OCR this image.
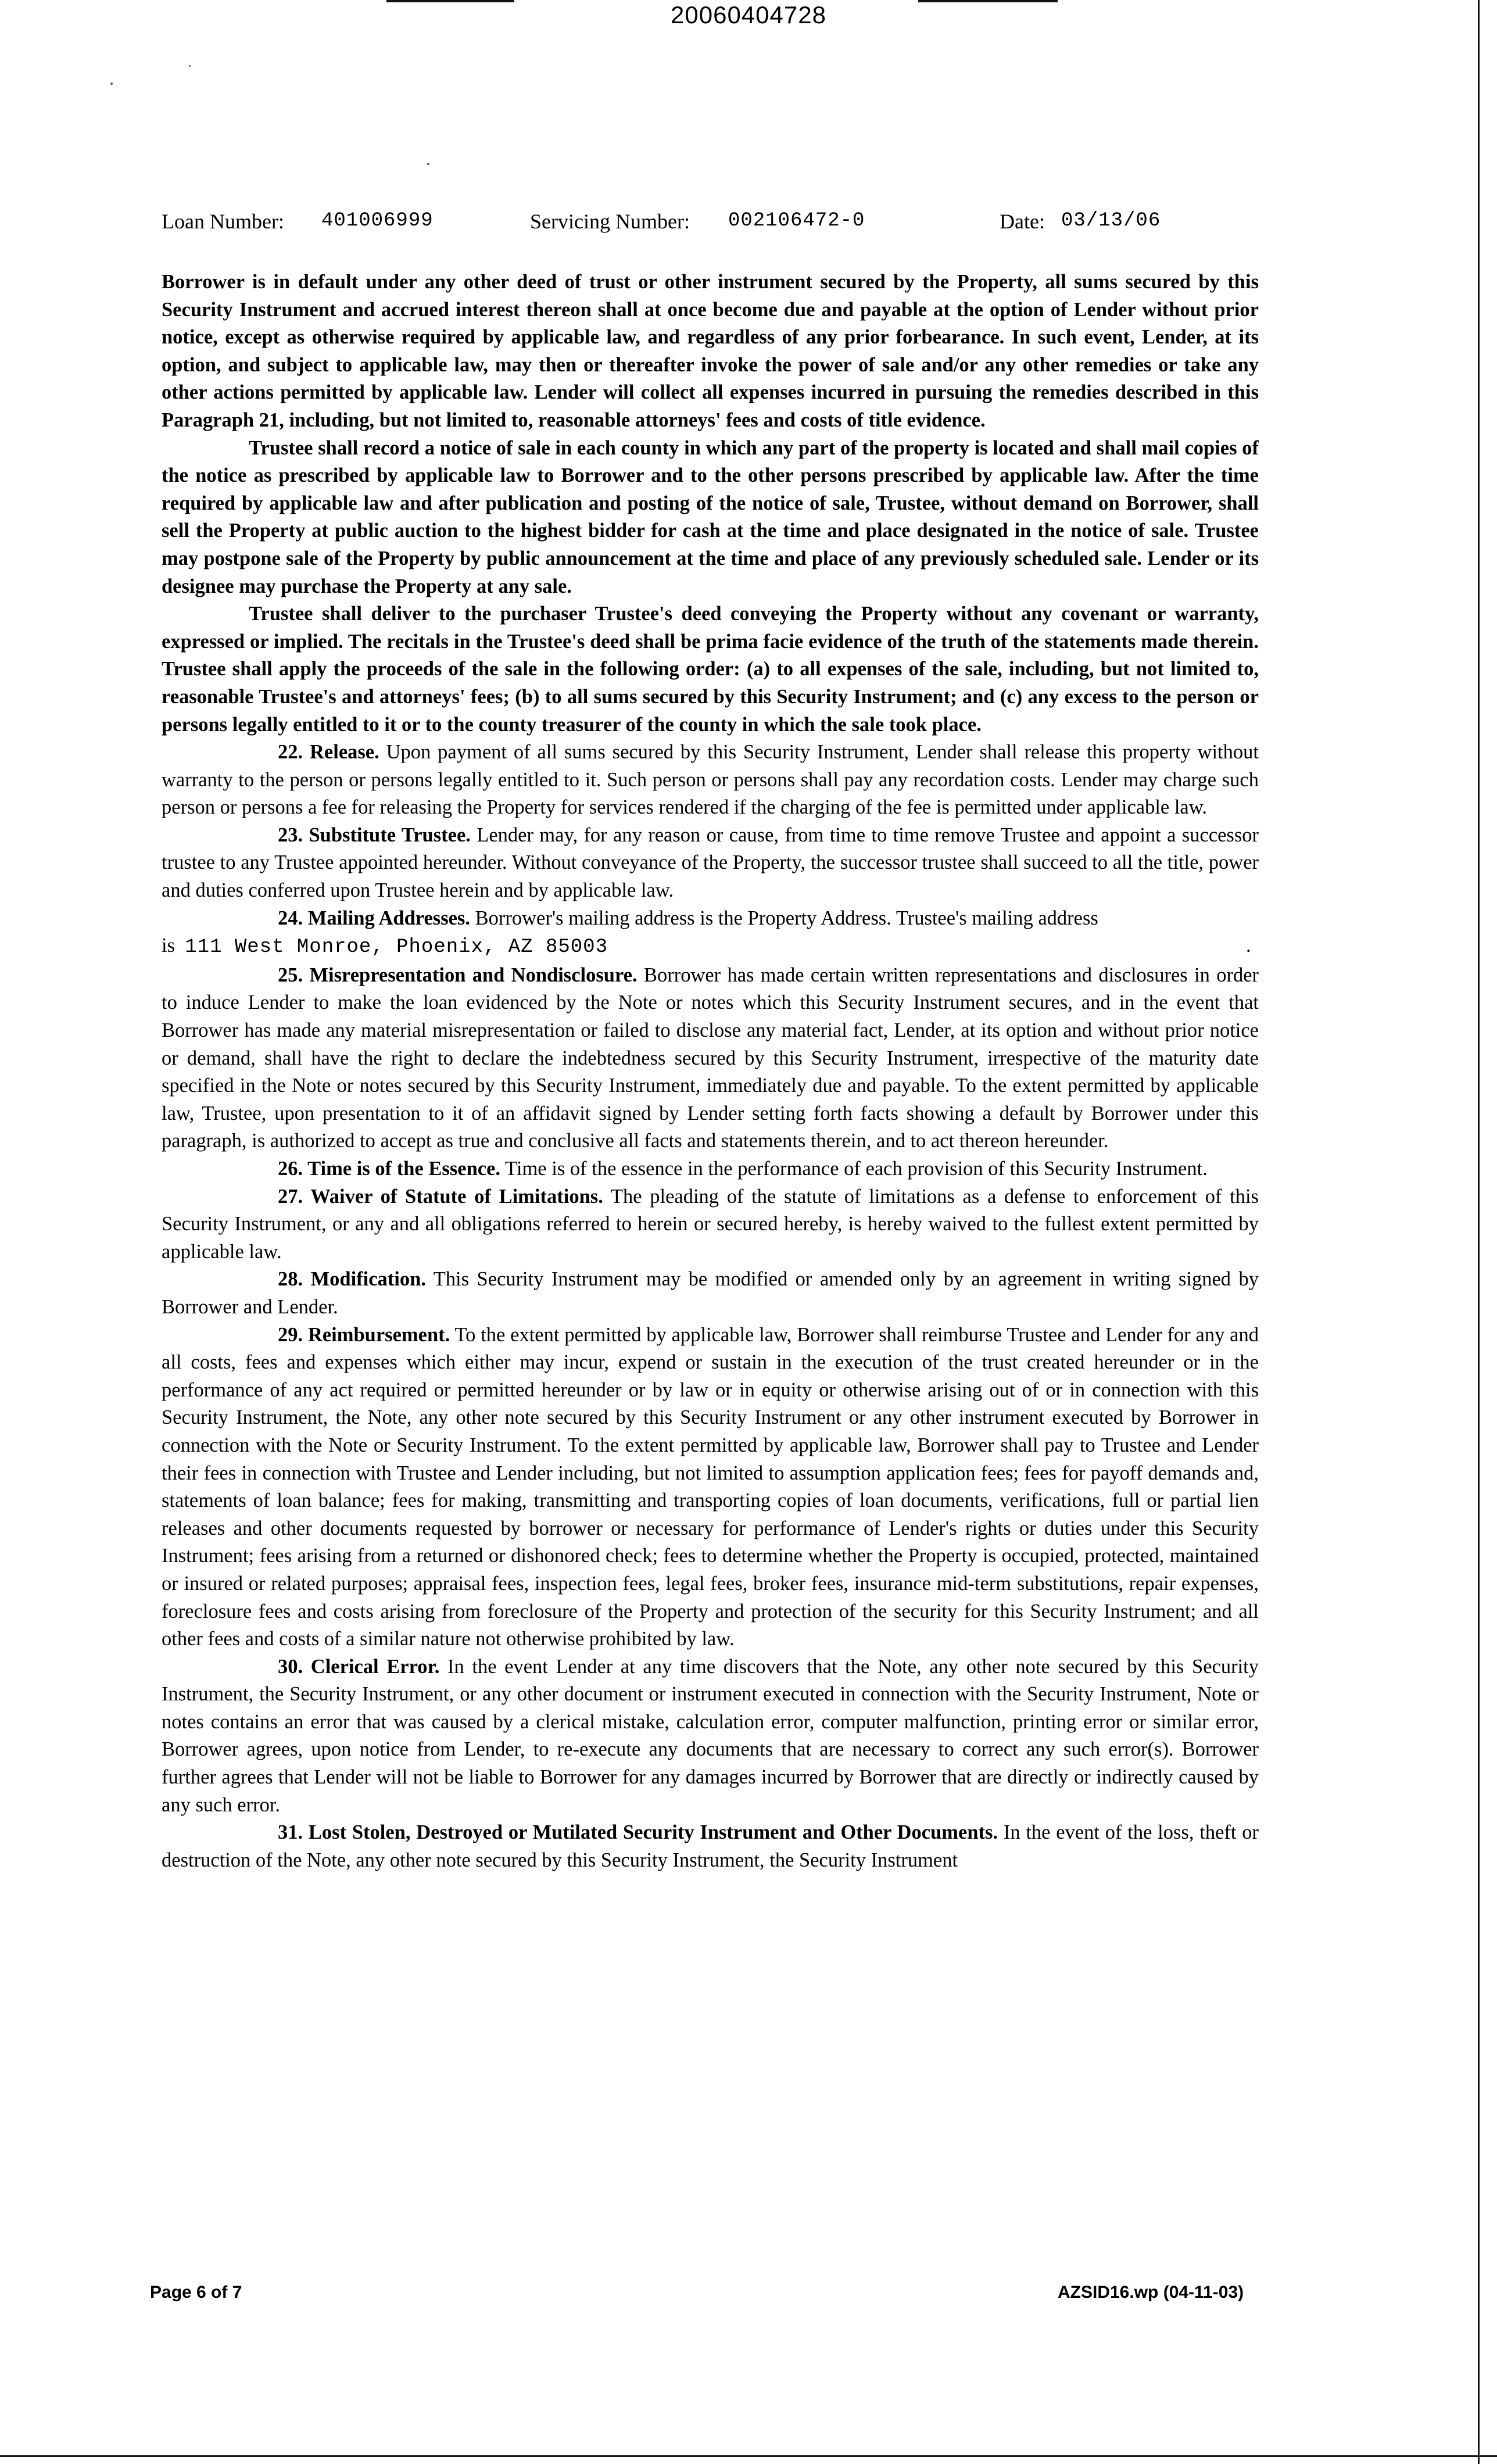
20060404728
Loan Number: 401006999	Servicing Number: 002106472-0	Date: 03/13/06

Borrower is in default under any other deed of trust or other instrument secured by the Property, all sums secured by this Security Instrument and accrued interest thereon shall at once become due and payable at the option of Lender without prior notice, except as otherwise required by applicable law, and regardless of any prior forbearance. In such event, Lender, at its option, and subject to applicable law, may then or thereafter invoke the power of sale and/or any other remedies or take any other actions permitted by applicable law. Lender will collect all expenses incurred in pursuing the remedies described in this Paragraph 21, including, but not limited to, reasonable attorneys' fees and costs of title evidence.

Trustee shall record a notice of sale in each county in which any part of the property is located and shall mail copies of the notice as prescribed by applicable law to Borrower and to the other persons prescribed by applicable law. After the time required by applicable law and after publication and posting of the notice of sale, Trustee, without demand on Borrower, shall sell the Property at public auction to the highest bidder for cash at the time and place designated in the notice of sale. Trustee may postpone sale of the Property by public announcement at the time and place of any previously scheduled sale. Lender or its designee may purchase the Property at any sale.

Trustee shall deliver to the purchaser Trustee's deed conveying the Property without any covenant or warranty, expressed or implied. The recitals in the Trustee's deed shall be prima facie evidence of the truth of the statements made therein. Trustee shall apply the proceeds of the sale in the following order: (a) to all expenses of the sale, including, but not limited to, reasonable Trustee's and attorneys' fees; (b) to all sums secured by this Security Instrument; and (c) any excess to the person or persons legally entitled to it or to the county treasurer of the county in which the sale took place.

22. Release. Upon payment of all sums secured by this Security Instrument, Lender shall release this property without warranty to the person or persons legally entitled to it. Such person or persons shall pay any recordation costs. Lender may charge such person or persons a fee for releasing the Property for services rendered if the charging of the fee is permitted under applicable law.

23. Substitute Trustee. Lender may, for any reason or cause, from time to time remove Trustee and appoint a successor trustee to any Trustee appointed hereunder. Without conveyance of the Property, the successor trustee shall succeed to all the title, power and duties conferred upon Trustee herein and by applicable law.

24. Mailing Addresses. Borrower's mailing address is the Property Address. Trustee's mailing address

is 111 West Monroe, Phoenix, AZ 85003	.

25. Misrepresentation and Nondisclosure. Borrower has made certain written representations and disclosures in order to induce Lender to make the loan evidenced by the Note or notes which this Security Instrument secures, and in the event that Borrower has made any material misrepresentation or failed to disclose any material fact, Lender, at its option and without prior notice or demand, shall have the right to declare the indebtedness secured by this Security Instrument, irrespective of the maturity date specified in the Note or notes secured by this Security Instrument, immediately due and payable. To the extent permitted by applicable law, Trustee, upon presentation to it of an affidavit signed by Lender setting forth facts showing a default by Borrower under this paragraph, is authorized to accept as true and conclusive all facts and statements therein, and to act thereon hereunder.

26. Time is of the Essence. Time is of the essence in the performance of each provision of this Security Instrument.

27. Waiver of Statute of Limitations. The pleading of the statute of limitations as a defense to enforcement of this Security Instrument, or any and all obligations referred to herein or secured hereby, is hereby waived to the fullest extent permitted by applicable law.

28. Modification. This Security Instrument may be modified or amended only by an agreement in writing signed by Borrower and Lender.

29. Reimbursement. To the extent permitted by applicable law, Borrower shall reimburse Trustee and Lender for any and all costs, fees and expenses which either may incur, expend or sustain in the execution of the trust created hereunder or in the performance of any act required or permitted hereunder or by law or in equity or otherwise arising out of or in connection with this Security Instrument, the Note, any other note secured by this Security Instrument or any other instrument executed by Borrower in connection with the Note or Security Instrument. To the extent permitted by applicable law, Borrower shall pay to Trustee and Lender their fees in connection with Trustee and Lender including, but not limited to assumption application fees; fees for payoff demands and, statements of loan balance; fees for making, transmitting and transporting copies of loan documents, verifications, full or partial lien releases and other documents requested by borrower or necessary for performance of Lender's rights or duties under this Security Instrument; fees arising from a returned or dishonored check; fees to determine whether the Property is occupied, protected, maintained or insured or related purposes; appraisal fees, inspection fees, legal fees, broker fees, insurance mid-term substitutions, repair expenses, foreclosure fees and costs arising from foreclosure of the Property and protection of the security for this Security Instrument; and all other fees and costs of a similar nature not otherwise prohibited by law.

30. Clerical Error. In the event Lender at any time discovers that the Note, any other note secured by this Security Instrument, the Security Instrument, or any other document or instrument executed in connection with the Security Instrument, Note or notes contains an error that was caused by a clerical mistake, calculation error, computer malfunction, printing error or similar error, Borrower agrees, upon notice from Lender, to re-execute any documents that are necessary to correct any such error(s). Borrower further agrees that Lender will not be liable to Borrower for any damages incurred by Borrower that are directly or indirectly caused by any such error.

31. Lost Stolen, Destroyed or Mutilated Security Instrument and Other Documents. In the event of the loss, theft or destruction of the Note, any other note secured by this Security Instrument, the Security Instrument

Page 6 of 7	AZSID16.wp (04-11-03)
